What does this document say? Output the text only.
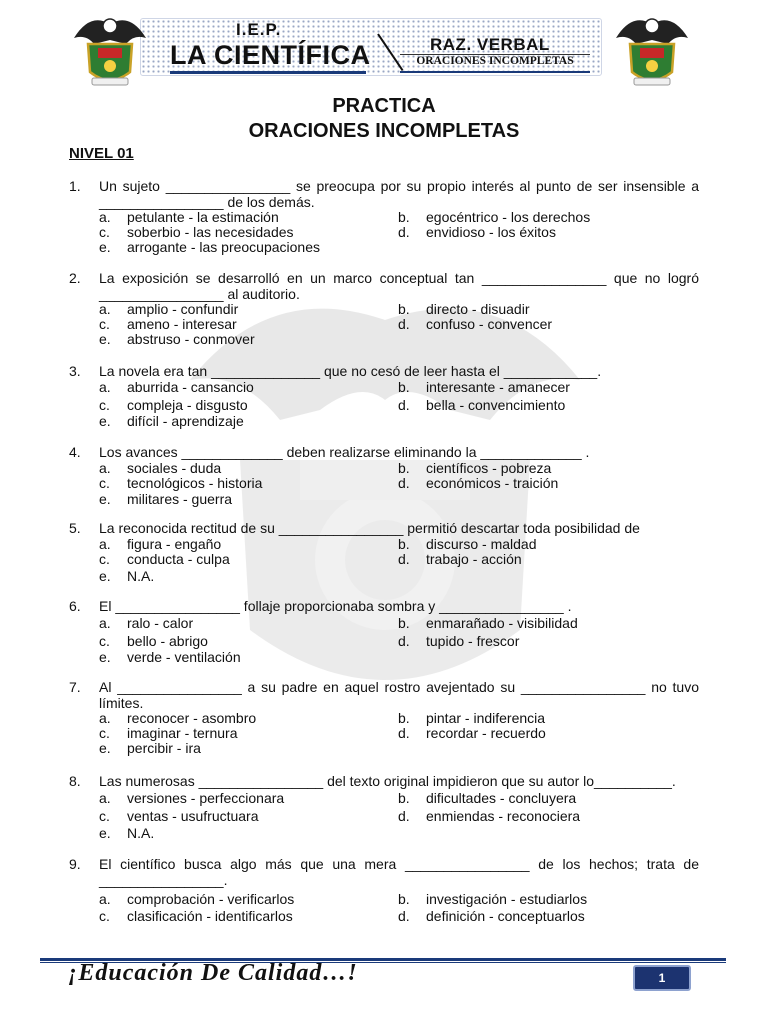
I.E.P.
LA CIENTÍFICA	RAZ. VERBAL
ORACIONES INCOMPLETAS
PRACTICA
ORACIONES INCOMPLETAS
NIVEL 01
1. Un sujeto ________________ se preocupa por su propio interés al punto de ser insensible a ________________ de los demás.
a. petulante - la estimación	b. egocéntrico - los derechos
c. soberbio - las necesidades	d. envidioso - los éxitos
e. arrogante - las preocupaciones
2. La exposición se desarrolló en un marco conceptual tan ________________ que no logró ________________ al auditorio.
a. amplio - confundir	b. directo - disuadir
c. ameno - interesar	d. confuso - convencer
e. abstruso - conmover
3. La novela era tan ______________ que no cesó de leer hasta el ____________.
a. aburrida - cansancio	b. interesante - amanecer
c. compleja - disgusto	d. bella - convencimiento
e. difícil - aprendizaje
4. Los avances _____________ deben realizarse eliminando la _____________ .
a. sociales - duda	b. científicos - pobreza
c. tecnológicos - historia	d. económicos - traición
e. militares - guerra
5. La reconocida rectitud de su ________________ permitió descartar toda posibilidad de
a. figura - engaño	b. discurso - maldad
c. conducta - culpa	d. trabajo - acción
e. N.A.
6. El ________________ follaje proporcionaba sombra y ________________ .
a. ralo - calor	b. enmarañado - visibilidad
c. bello - abrigo	d. tupido - frescor
e. verde - ventilación
7. Al ________________ a su padre en aquel rostro avejentado su ________________ no tuvo límites.
a. reconocer - asombro	b. pintar - indiferencia
c. imaginar - ternura	d. recordar - recuerdo
e. percibir - ira
8. Las numerosas ________________ del texto original impidieron que su autor lo__________.
a. versiones - perfeccionara	b. dificultades - concluyera
c. ventas - usufructuara	d. enmiendas - reconociera
e. N.A.
9. El científico busca algo más que una mera ________________ de los hechos; trata de ________________.
a. comprobación - verificarlos	b. investigación - estudiarlos
c. clasificación - identificarlos	d. definición - conceptuarlos
¡Educación De Calidad…!	1
